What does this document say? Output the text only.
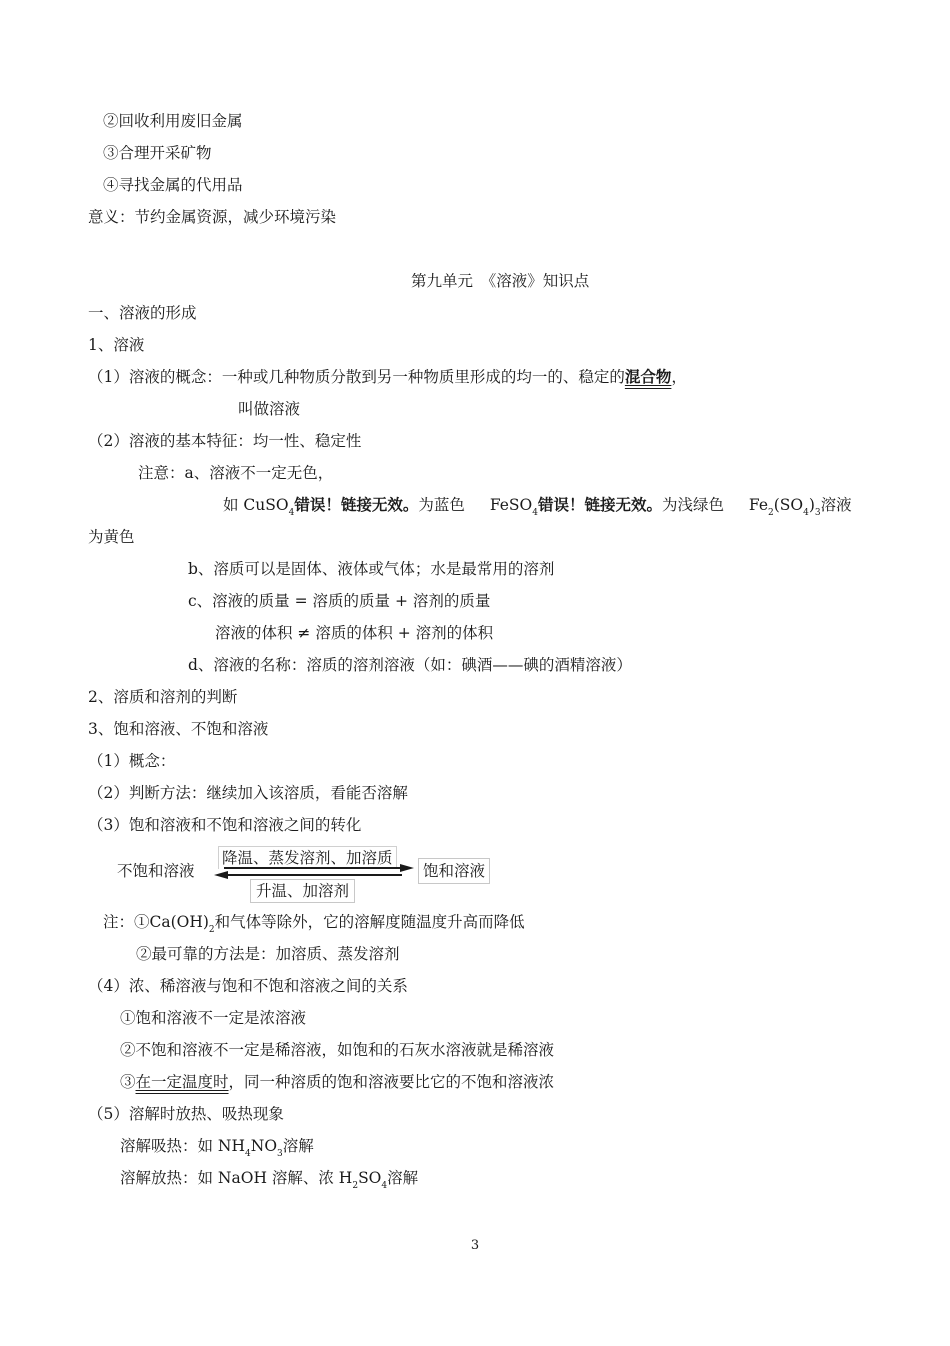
②回收利用废旧金属
③合理开采矿物
④寻找金属的代用品
意义：节约金属资源，减少环境污染
第九单元　《溶液》知识点
一、溶液的形成
1、溶液
（1）溶液的概念：一种或几种物质分散到另一种物质里形成的均一的、稳定的混合物，
叫做溶液
（2）溶液的基本特征：均一性、稳定性
注意：a、溶液不一定无色，
如 CuSO$_4$错误！链接无效。为蓝色 FeSO$_4$错误！链接无效。为浅绿色 $Fe_2(SO_4)_3$溶液
为黄色
b、溶质可以是固体、液体或气体；水是最常用的溶剂
c、溶液的质量 = 溶质的质量 + 溶剂的质量
溶液的体积 ≠ 溶质的体积 + 溶剂的体积
d、溶液的名称：溶质的溶剂溶液（如：碘酒——碘的酒精溶液）
2、溶质和溶剂的判断
3、饱和溶液、不饱和溶液
（1）概念：
（2）判断方法：继续加入该溶质，看能否溶解
（3）饱和溶液和不饱和溶液之间的转化
不饱和溶液
降温、蒸发溶剂、加溶质
升温、加溶剂
饱和溶液
注：$①Ca(OH)_2$和气体等除外，它的溶解度随温度升高而降低
②最可靠的方法是：加溶质、蒸发溶剂
（4）浓、稀溶液与饱和不饱和溶液之间的关系
①饱和溶液不一定是浓溶液
②不饱和溶液不一定是稀溶液，如饱和的石灰水溶液就是稀溶液
③在一定温度时，同一种溶质的饱和溶液要比它的不饱和溶液浓
（5）溶解时放热、吸热现象
溶解吸热：如 $NH_4NO_3$溶解
溶解放热：如 NaOH 溶解、浓 $H_2SO_4$溶解
3
